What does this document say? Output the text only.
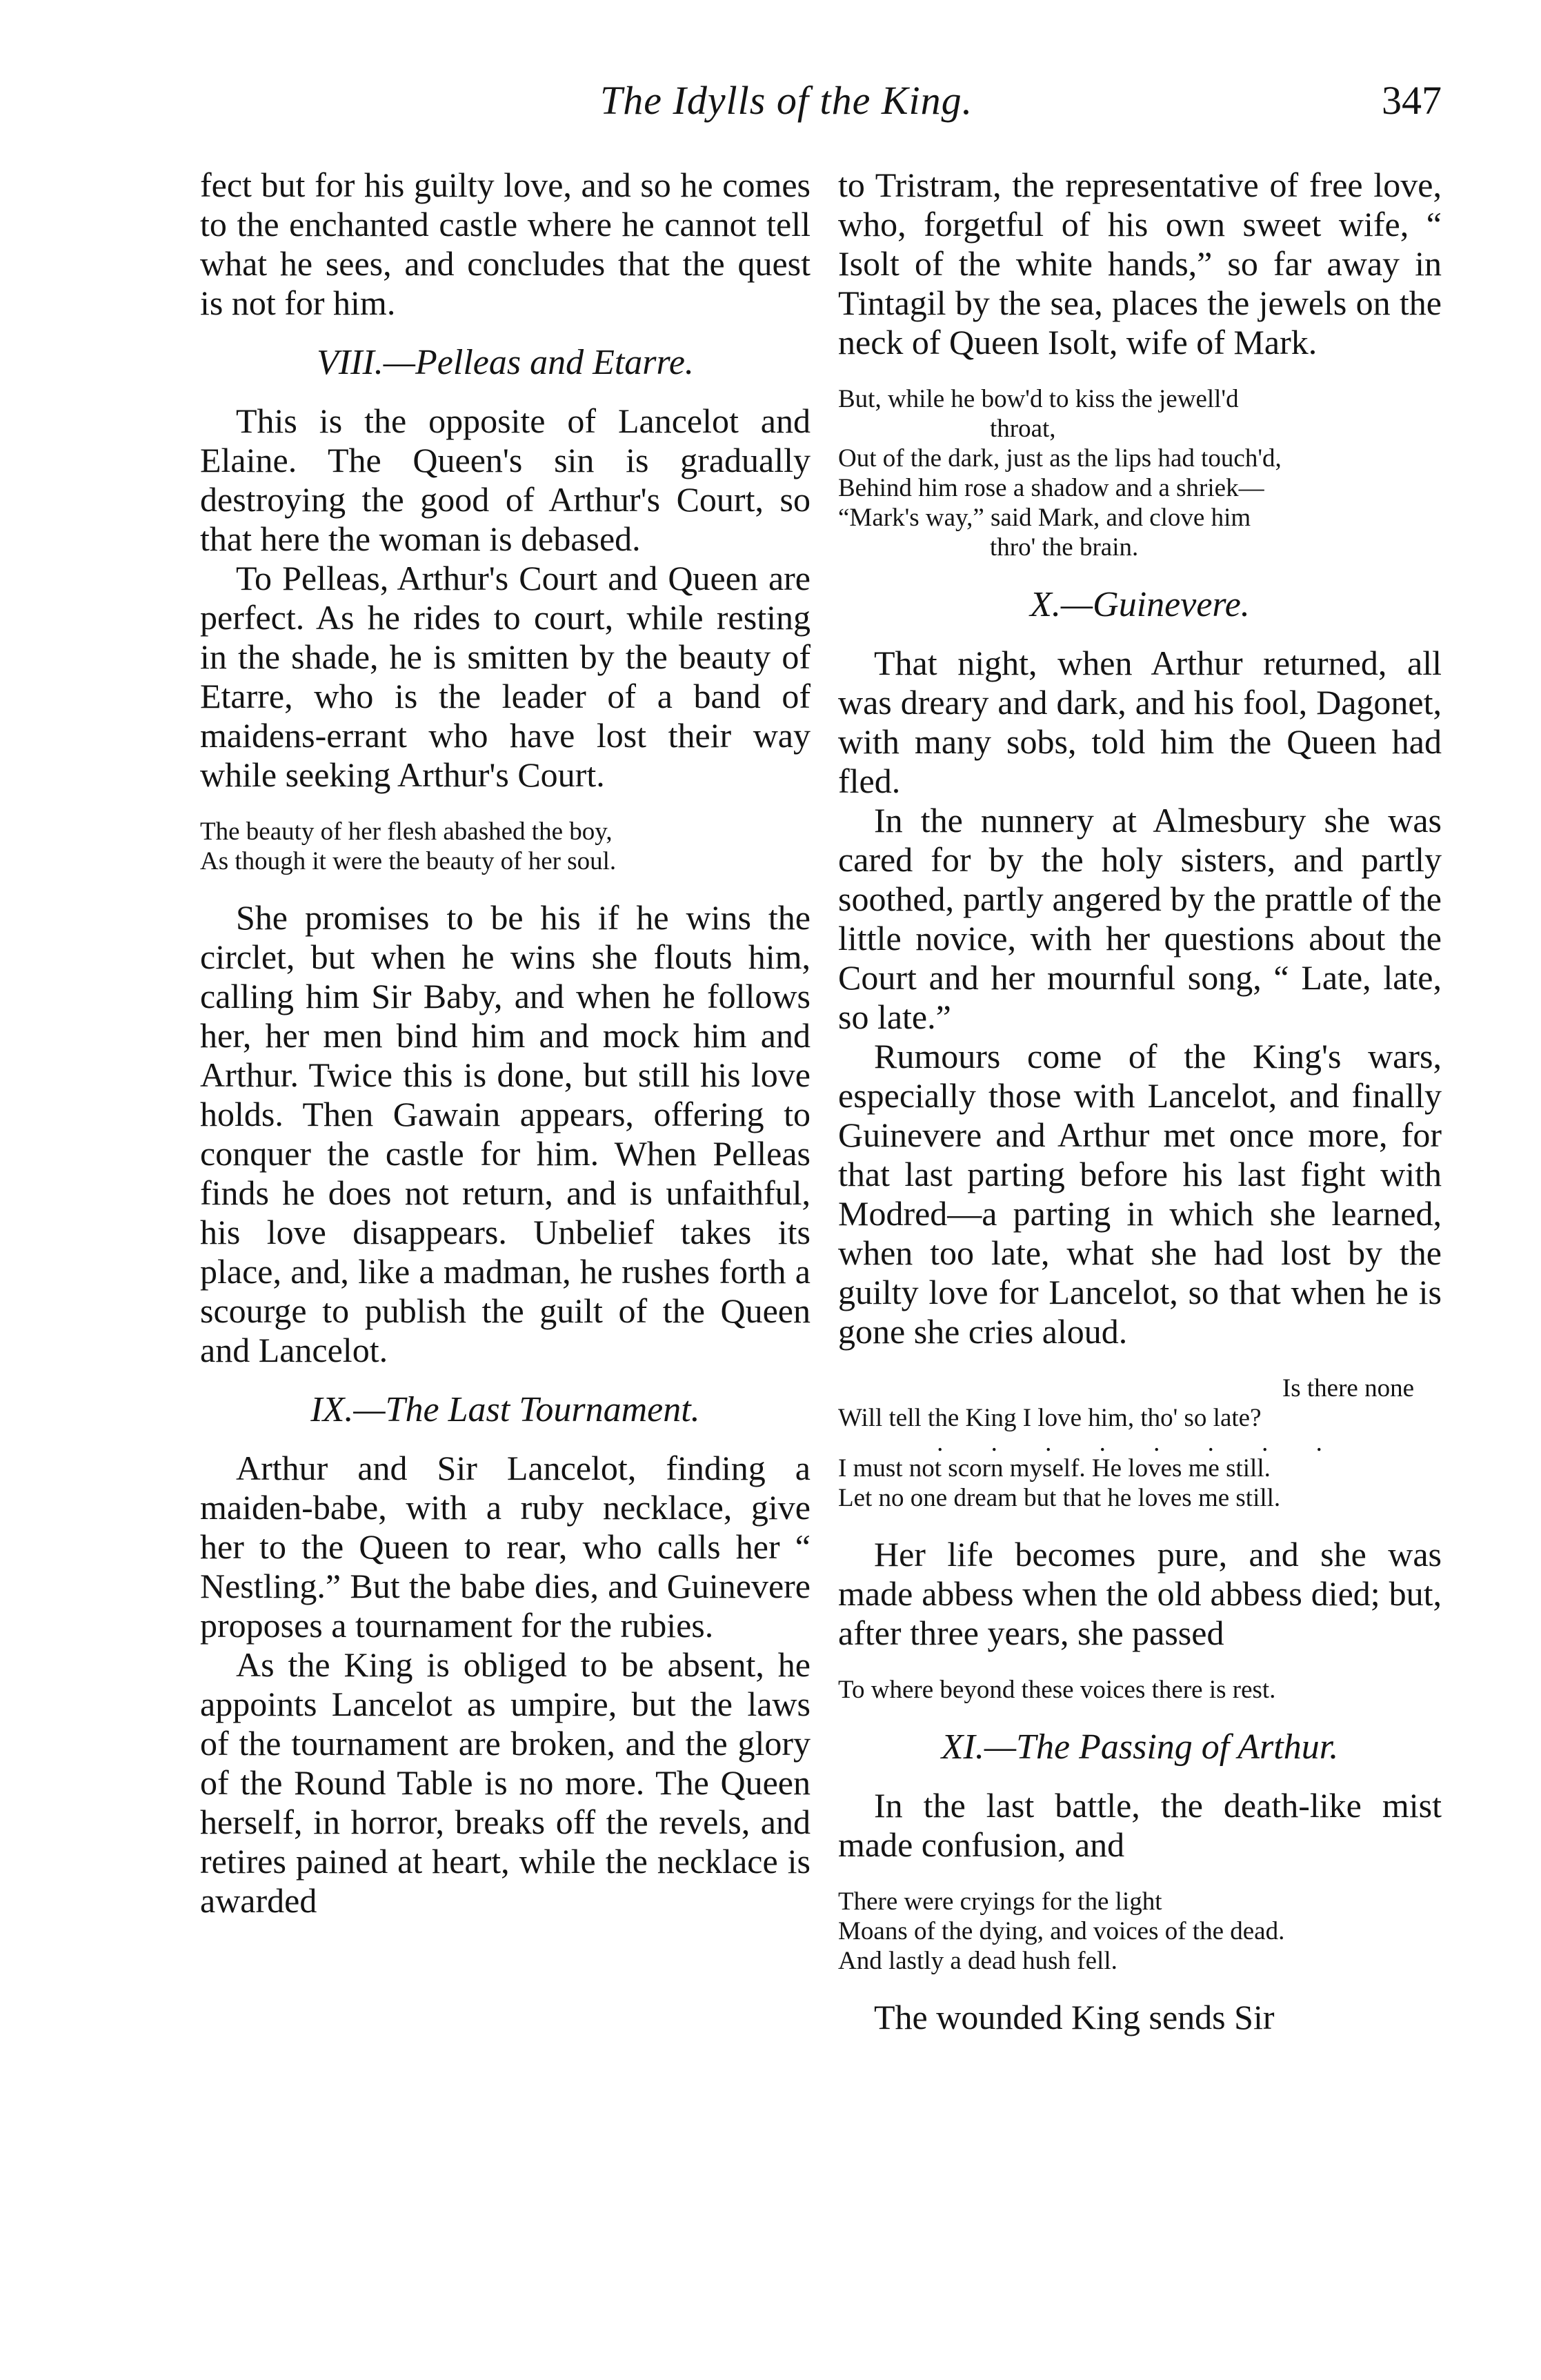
The Idylls of the King.	347

fect but for his guilty love, and so he comes to the enchanted castle where he cannot tell what he sees, and concludes that the quest is not for him.

VIII.—Pelleas and Etarre.

This is the opposite of Lancelot and Elaine. The Queen's sin is gradually destroying the good of Arthur's Court, so that here the woman is debased.

To Pelleas, Arthur's Court and Queen are perfect. As he rides to court, while resting in the shade, he is smitten by the beauty of Etarre, who is the leader of a band of maidens-errant who have lost their way while seeking Arthur's Court.

The beauty of her flesh abashed the boy,
As though it were the beauty of her soul.

She promises to be his if he wins the circlet, but when he wins she flouts him, calling him Sir Baby, and when he follows her, her men bind him and mock him and Arthur. Twice this is done, but still his love holds. Then Gawain appears, offering to conquer the castle for him. When Pelleas finds he does not return, and is unfaithful, his love disappears. Unbelief takes its place, and, like a madman, he rushes forth a scourge to publish the guilt of the Queen and Lancelot.

IX.—The Last Tournament.

Arthur and Sir Lancelot, finding a maiden-babe, with a ruby necklace, give her to the Queen to rear, who calls her “ Nestling.” But the babe dies, and Guinevere proposes a tournament for the rubies.

As the King is obliged to be absent, he appoints Lancelot as umpire, but the laws of the tournament are broken, and the glory of the Round Table is no more. The Queen herself, in horror, breaks off the revels, and retires pained at heart, while the necklace is awarded

to Tristram, the representative of free love, who, forgetful of his own sweet wife, “ Isolt of the white hands,” so far away in Tintagil by the sea, places the jewels on the neck of Queen Isolt, wife of Mark.

But, while he bow'd to kiss the jewell'd
throat,
Out of the dark, just as the lips had touch'd,
Behind him rose a shadow and a shriek—
“Mark's way,” said Mark, and clove him
thro' the brain.
X.—Guinevere.

That night, when Arthur returned, all was dreary and dark, and his fool, Dagonet, with many sobs, told him the Queen had fled.

In the nunnery at Almesbury she was cared for by the holy sisters, and partly soothed, partly angered by the prattle of the little novice, with her questions about the Court and her mournful song, “ Late, late, so late.”

Rumours come of the King's wars, especially those with Lancelot, and finally Guinevere and Arthur met once more, for that last parting before his last fight with Modred—a parting in which she learned, when too late, what she had lost by the guilty love for Lancelot, so that when he is gone she cries aloud.

Is there none
Will tell the King I love him, tho' so late?
. . . . . . . .
I must not scorn myself. He loves me still.
Let no one dream but that he loves me still.

Her life becomes pure, and she was made abbess when the old abbess died; but, after three years, she passed

To where beyond these voices there is rest.
XI.—The Passing of Arthur.

In the last battle, the death-like mist made confusion, and

There were cryings for the light
Moans of the dying, and voices of the dead.
And lastly a dead hush fell.

The wounded King sends Sir
